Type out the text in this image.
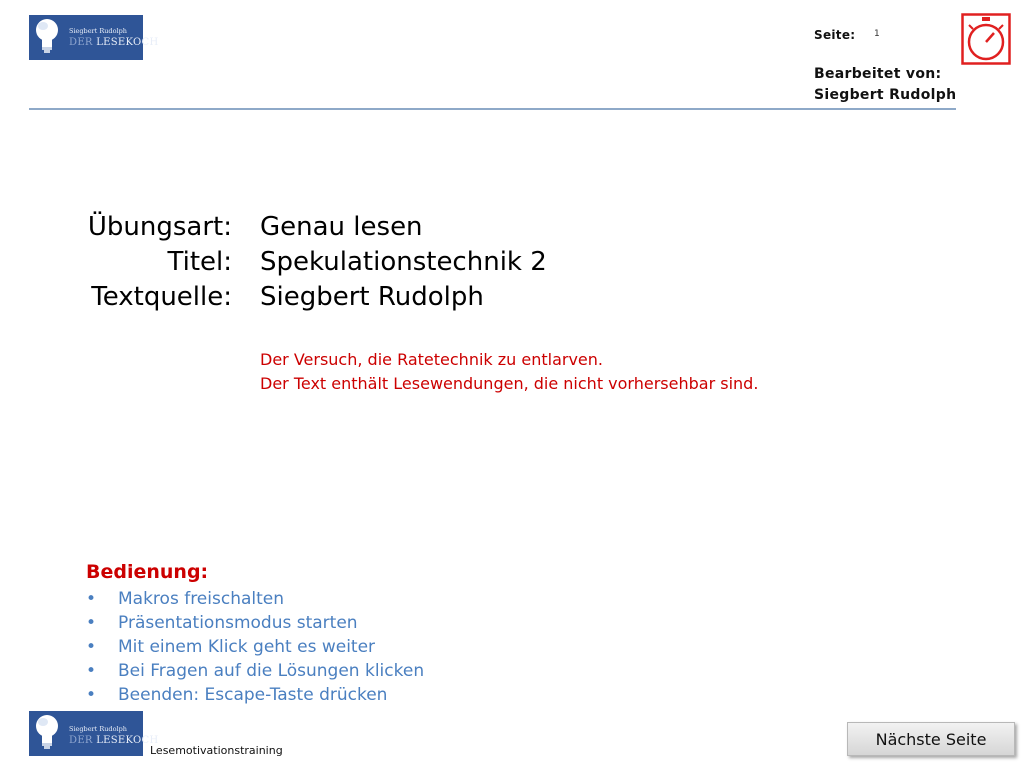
Siegbert Rudolph
DER LESEKOCH
Seite: 1
Bearbeitet von:
Siegbert Rudolph
Übungsart: Genau lesen
Titel: Spekulationstechnik 2
Textquelle: Siegbert Rudolph
Der Versuch, die Ratetechnik zu entlarven.
Der Text enthält Lesewendungen, die nicht vorhersehbar sind.
Bedienung:
• Makros freischalten
• Präsentationsmodus starten
• Mit einem Klick geht es weiter
• Bei Fragen auf die Lösungen klicken
• Beenden: Escape-Taste drücken
Siegbert Rudolph
DER LESEKOCH
Lesemotivationstraining
Nächste Seite
